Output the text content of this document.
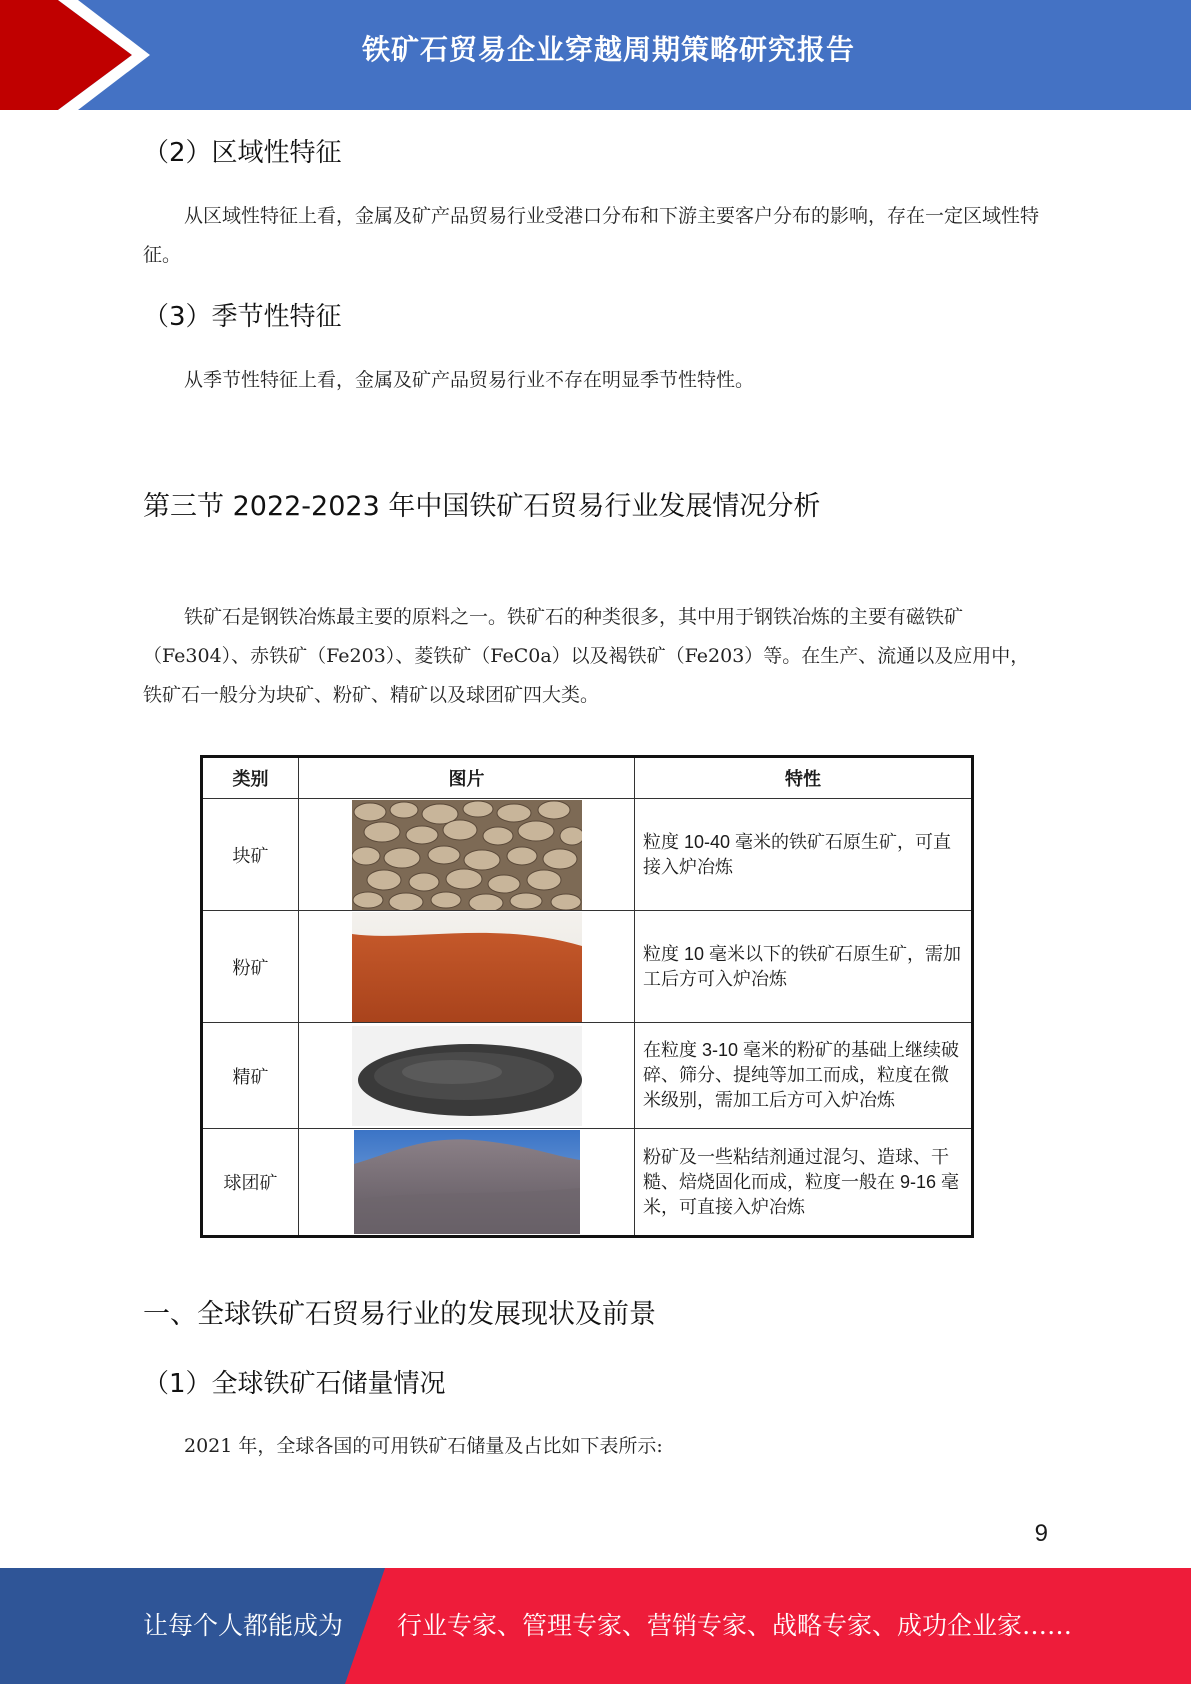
铁矿石贸易企业穿越周期策略研究报告
（2）区域性特征

从区域性特征上看，金属及矿产品贸易行业受港口分布和下游主要客户分布的影响，存在一定区域性特征。

（3）季节性特征

从季节性特征上看，金属及矿产品贸易行业不存在明显季节性特性。

第三节 2022-2023 年中国铁矿石贸易行业发展情况分析

铁矿石是钢铁冶炼最主要的原料之一。铁矿石的种类很多，其中用于钢铁冶炼的主要有磁铁矿（Fe304）、赤铁矿（Fe203）、菱铁矿（FeC0a）以及褐铁矿（Fe203）等。在生产、流通以及应用中，铁矿石一般分为块矿、粉矿、精矿以及球团矿四大类。

类别	图片	特性
块矿		粒度 10-40 毫米的铁矿石原生矿，可直接入炉冶炼
粉矿		粒度 10 毫米以下的铁矿石原生矿，需加工后方可入炉冶炼
精矿		在粒度 3-10 毫米的粉矿的基础上继续破碎、筛分、提纯等加工而成，粒度在微米级别，需加工后方可入炉冶炼
球团矿		粉矿及一些粘结剂通过混匀、造球、干糙、焙烧固化而成，粒度一般在 9-16 毫米，可直接入炉冶炼
一、全球铁矿石贸易行业的发展现状及前景
（1）全球铁矿石储量情况

2021 年，全球各国的可用铁矿石储量及占比如下表所示:

9
让每个人都能成为 行业专家、管理专家、营销专家、战略专家、成功企业家……
